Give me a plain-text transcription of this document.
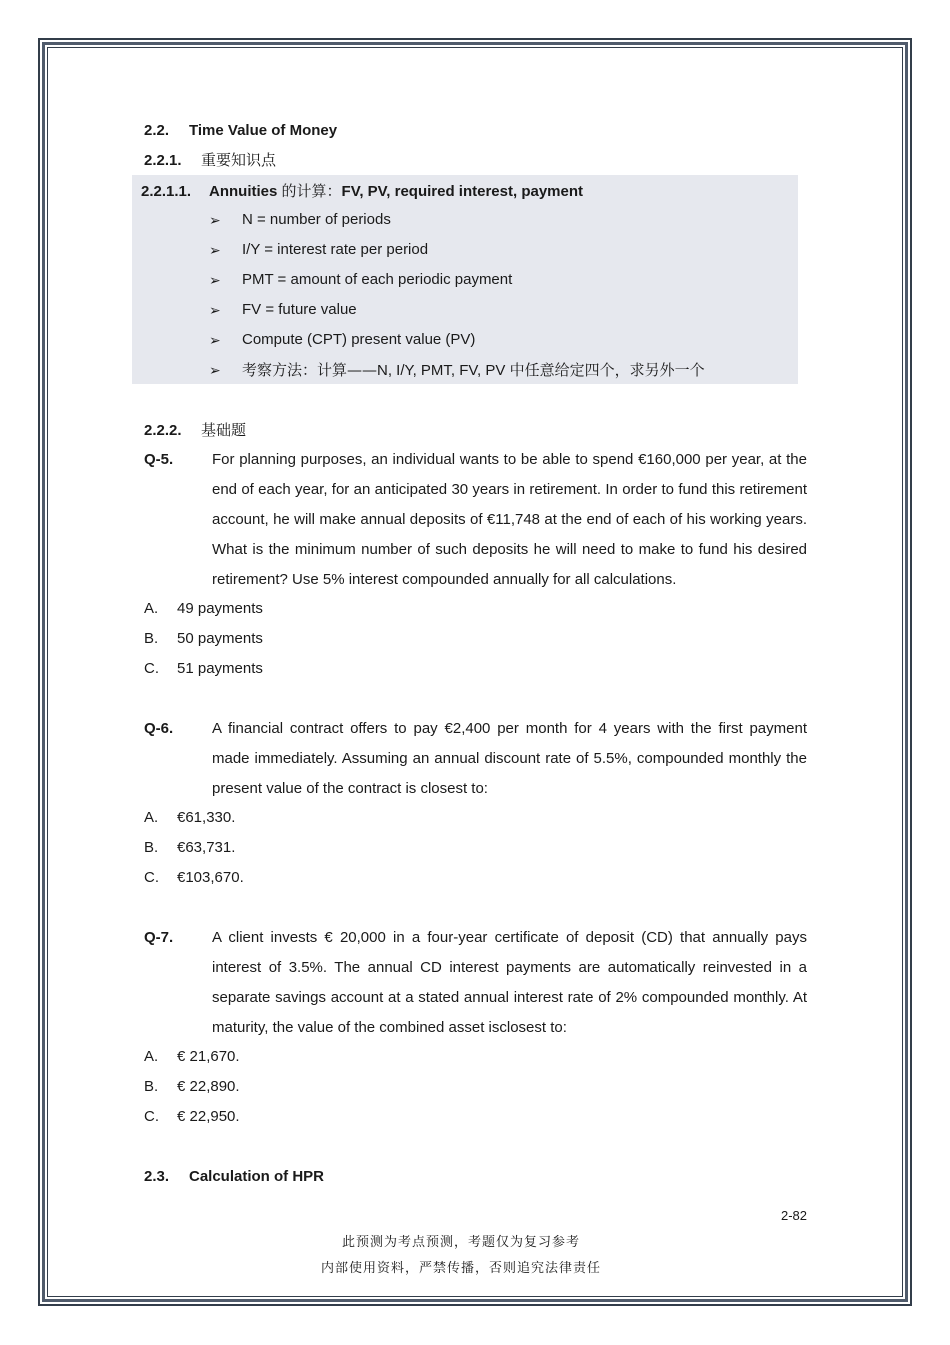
2.2. Time Value of Money
2.2.1. 重要知识点
2.2.1.1. Annuities 的计算：FV, PV, required interest, payment
➢ N = number of periods
➢ I/Y = interest rate per period
➢ PMT = amount of each periodic payment
➢ FV = future value
➢ Compute (CPT) present value (PV)
➢ 考察方法：计算——N, I/Y, PMT, FV, PV 中任意给定四个，求另外一个
2.2.2. 基础题
Q-5.	For planning purposes, an individual wants to be able to spend €160,000 per year, at the end of each year, for an anticipated 30 years in retirement. In order to fund this retirement account, he will make annual deposits of €11,748 at the end of each of his working years. What is the minimum number of such deposits he will need to make to fund his desired retirement? Use 5% interest compounded annually for all calculations.

A. 49 payments
B. 50 payments
C. 51 payments
Q-6.	A financial contract offers to pay €2,400 per month for 4 years with the first payment made immediately. Assuming an annual discount rate of 5.5%, compounded monthly the present value of the contract is closest to:

A. €61,330.
B. €63,731.
C. €103,670.
Q-7.	A client invests € 20,000 in a four-year certificate of deposit (CD) that annually pays interest of 3.5%. The annual CD interest payments are automatically reinvested in a separate savings account at a stated annual interest rate of 2% compounded monthly. At maturity, the value of the combined asset isclosest to:

A. € 21,670.
B. € 22,890.
C. € 22,950.
2.3. Calculation of HPR
2-82
此预测为考点预测，考题仅为复习参考
内部使用资料，严禁传播，否则追究法律责任
